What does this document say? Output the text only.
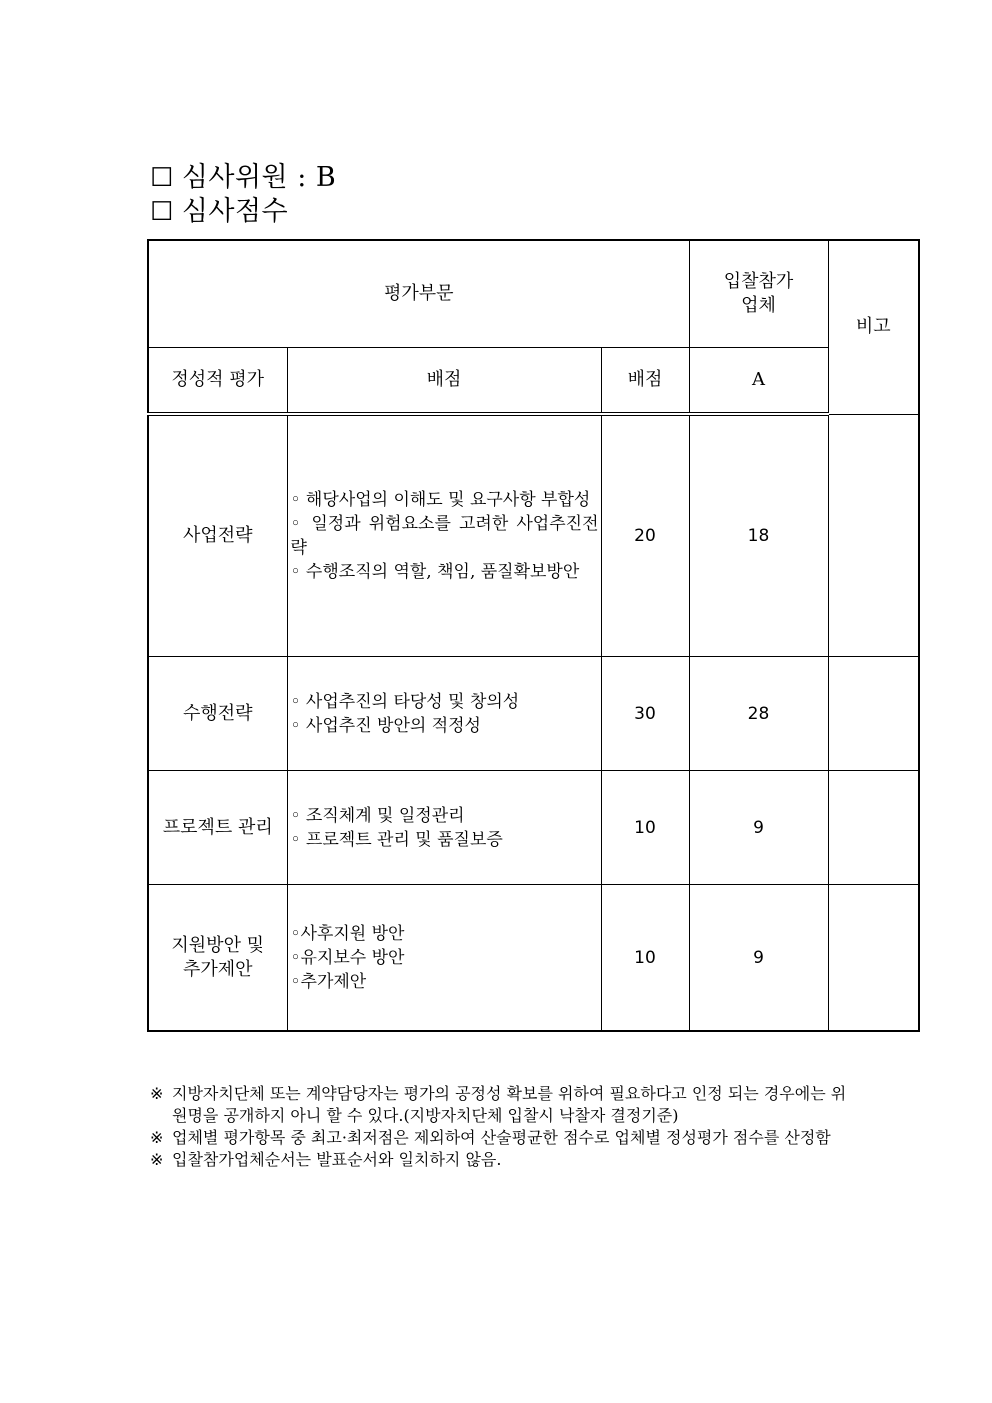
☐ 심사위원 : B
☐ 심사점수
평가부문			입찰참가
업체	비고
정성적 평가	배점	배점	A	
사업전략	◦ 해당사업의 이해도 및 요구사항 부합성
◦ 일정과 위험요소를 고려한 사업추진전략
◦ 수행조직의 역할, 책임, 품질확보방안	20	18	
수행전략	◦ 사업추진의 타당성 및 창의성
◦ 사업추진 방안의 적정성	30	28	
프로젝트 관리	◦ 조직체계 및 일정관리
◦ 프로젝트 관리 및 품질보증	10	9	
지원방안 및
추가제안	◦사후지원 방안
◦유지보수 방안
◦추가제안	10	9	

※ 지방자치단체 또는 계약담당자는 평가의 공정성 확보를 위하여 필요하다고 인정 되는 경우에는 위원명을 공개하지 아니 할 수 있다.(지방자치단체 입찰시 낙찰자 결정기준)

※ 업체별 평가항목 중 최고·최저점은 제외하여 산술평균한 점수로 업체별 정성평가 점수를 산정함

※ 입찰참가업체순서는 발표순서와 일치하지 않음.
